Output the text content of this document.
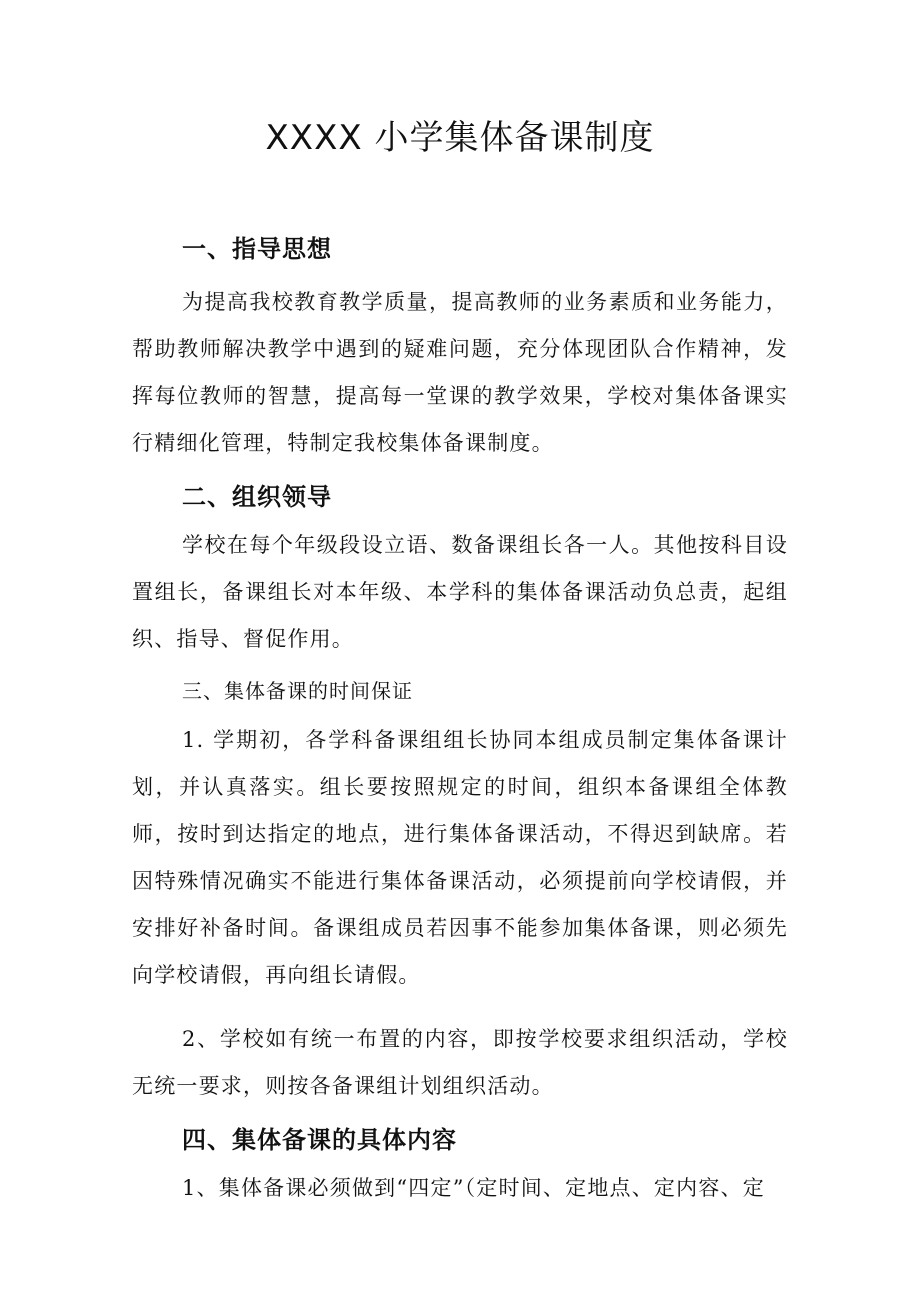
XXXX 小学集体备课制度
一、指导思想

为提高我校教育教学质量，提高教师的业务素质和业务能力，帮助教师解决教学中遇到的疑难问题，充分体现团队合作精神，发挥每位教师的智慧，提高每一堂课的教学效果，学校对集体备课实行精细化管理，特制定我校集体备课制度。

二、组织领导

学校在每个年级段设立语、数备课组长各一人。其他按科目设置组长，备课组长对本年级、本学科的集体备课活动负总责，起组织、指导、督促作用。

三、集体备课的时间保证

1. 学期初，各学科备课组组长协同本组成员制定集体备课计划，并认真落实。组长要按照规定的时间，组织本备课组全体教师，按时到达指定的地点，进行集体备课活动，不得迟到缺席。若因特殊情况确实不能进行集体备课活动，必须提前向学校请假，并安排好补备时间。备课组成员若因事不能参加集体备课，则必须先向学校请假，再向组长请假。

2、学校如有统一布置的内容，即按学校要求组织活动，学校无统一要求，则按各备课组计划组织活动。

四、集体备课的具体内容

1、集体备课必须做到“四定”（定时间、定地点、定内容、定
